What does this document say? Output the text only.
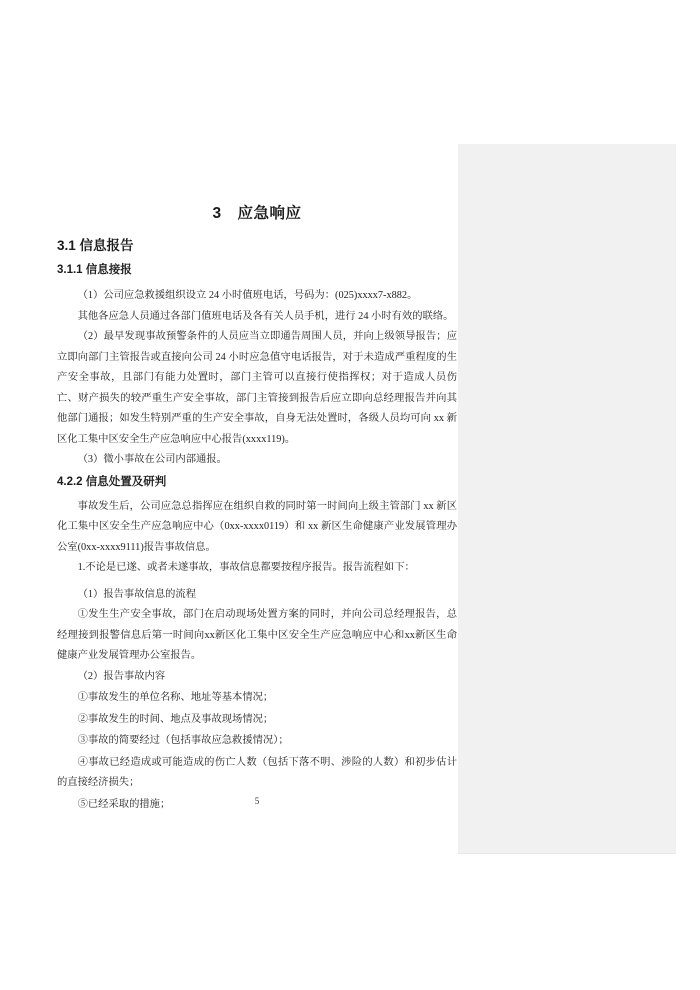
3　应急响应
3.1 信息报告
3.1.1 信息接报

（1）公司应急救援组织设立 24 小时值班电话，号码为：(025)xxxx7-x882。

其他各应急人员通过各部门值班电话及各有关人员手机，进行 24 小时有效的联络。

（2）最早发现事故预警条件的人员应当立即通告周围人员，并向上级领导报告；应立即向部门主管报告或直接向公司 24 小时应急值守电话报告，对于未造成严重程度的生产安全事故，且部门有能力处置时，部门主管可以直接行使指挥权；对于造成人员伤亡、财产损失的较严重生产安全事故，部门主管接到报告后应立即向总经理报告并向其他部门通报；如发生特别严重的生产安全事故，自身无法处置时，各级人员均可向 xx 新区化工集中区安全生产应急响应中心报告(xxxx119)。

（3）微小事故在公司内部通报。

4.2.2 信息处置及研判

事故发生后，公司应急总指挥应在组织自救的同时第一时间向上级主管部门 xx 新区化工集中区安全生产应急响应中心（0xx-xxxx0119）和 xx 新区生命健康产业发展管理办公室(0xx-xxxx9111)报告事故信息。

1.不论是已遂、或者未遂事故，事故信息都要按程序报告。报告流程如下：

（1）报告事故信息的流程

①发生生产安全事故，部门在启动现场处置方案的同时，并向公司总经理报告，总经理接到报警信息后第一时间向xx新区化工集中区安全生产应急响应中心和xx新区生命健康产业发展管理办公室报告。

（2）报告事故内容

①事故发生的单位名称、地址等基本情况；

②事故发生的时间、地点及事故现场情况；

③事故的简要经过（包括事故应急救援情况）；

④事故已经造成或可能造成的伤亡人数（包括下落不明、涉险的人数）和初步估计的直接经济损失；

⑤已经采取的措施；	5
